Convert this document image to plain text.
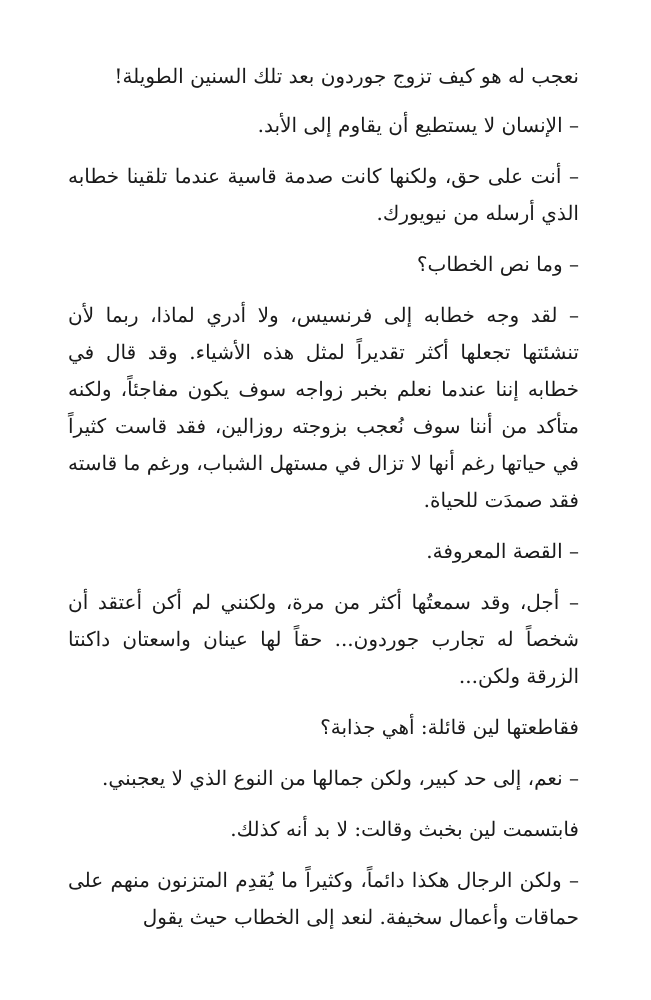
نعجب له هو كيف تزوج جوردون بعد تلك السنين الطويلة!

– الإنسان لا يستطيع أن يقاوم إلى الأبد.

– أنت على حق، ولكنها كانت صدمة قاسية عندما تلقينا خطابه الذي أرسله من نيويورك.

– وما نص الخطاب؟

– لقد وجه خطابه إلى فرنسيس، ولا أدري لماذا، ربما لأن تنشئتها تجعلها أكثر تقديراً لمثل هذه الأشياء. وقد قال في خطابه إننا عندما نعلم بخبر زواجه سوف يكون مفاجئاً، ولكنه متأكد من أننا سوف نُعجب بزوجته روزالين، فقد قاست كثيراً في حياتها رغم أنها لا تزال في مستهل الشباب، ورغم ما قاسته فقد صمدَت للحياة.

– القصة المعروفة.

– أجل، وقد سمعتُها أكثر من مرة، ولكنني لم أكن أعتقد أن شخصاً له تجارب جوردون... حقاً لها عينان واسعتان داكنتا الزرقة ولكن...

فقاطعتها لين قائلة: أهي جذابة؟

– نعم، إلى حد كبير، ولكن جمالها من النوع الذي لا يعجبني.

فابتسمت لين بخبث وقالت: لا بد أنه كذلك.

– ولكن الرجال هكذا دائماً، وكثيراً ما يُقدِم المتزنون منهم على حماقات وأعمال سخيفة. لنعد إلى الخطاب حيث يقول
